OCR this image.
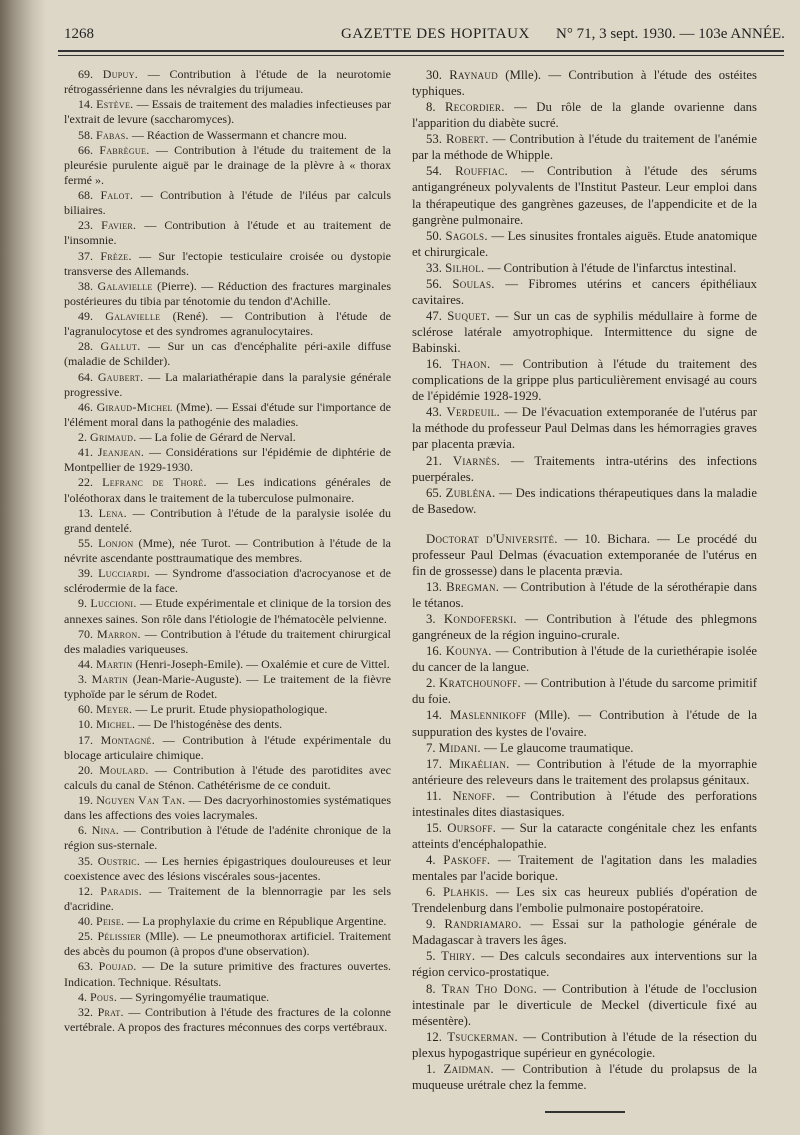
1268	GAZETTE DES HOPITAUX N° 71, 3 sept. 1930. — 103e ANNÉE.

69. Dupuy. — Contribution à l'étude de la neurotomie rétrogassérienne dans les névralgies du trijumeau.

14. Estève. — Essais de traitement des maladies infectieuses par l'extrait de levure (saccharomyces).

58. Fabas. — Réaction de Wassermann et chancre mou.

66. Fabrègue. — Contribution à l'étude du traitement de la pleurésie purulente aiguë par le drainage de la plèvre à « thorax fermé ».

68. Falot. — Contribution à l'étude de l'iléus par calculs biliaires.

23. Favier. — Contribution à l'étude et au traitement de l'insomnie.

37. Frèze. — Sur l'ectopie testiculaire croisée ou dystopie transverse des Allemands.

38. Galavielle (Pierre). — Réduction des fractures marginales postérieures du tibia par ténotomie du tendon d'Achille.

49. Galavielle (René). — Contribution à l'étude de l'agranulocytose et des syndromes agranulocytaires.

28. Gallut. — Sur un cas d'encéphalite péri-axile diffuse (maladie de Schilder).

64. Gaubert. — La malariathérapie dans la paralysie générale progressive.

46. Giraud-Michel (Mme). — Essai d'étude sur l'importance de l'élément moral dans la pathogénie des maladies.

2. Grimaud. — La folie de Gérard de Nerval.

41. Jeanjean. — Considérations sur l'épidémie de diphtérie de Montpellier de 1929-1930.

22. Lefranc de Thoré. — Les indications générales de l'oléothorax dans le traitement de la tuberculose pulmonaire.

13. Lena. — Contribution à l'étude de la paralysie isolée du grand dentelé.

55. Lonjon (Mme), née Turot. — Contribution à l'étude de la névrite ascendante posttraumatique des membres.

39. Lucciardi. — Syndrome d'association d'acrocyanose et de sclérodermie de la face.

9. Luccioni. — Etude expérimentale et clinique de la torsion des annexes saines. Son rôle dans l'étiologie de l'hématocèle pelvienne.

70. Marron. — Contribution à l'étude du traitement chirurgical des maladies variqueuses.

44. Martin (Henri-Joseph-Emile). — Oxalémie et cure de Vittel.

3. Martin (Jean-Marie-Auguste). — Le traitement de la fièvre typhoïde par le sérum de Rodet.

60. Meyer. — Le prurit. Etude physiopathologique.

10. Michel. — De l'histogénèse des dents.

17. Montagné. — Contribution à l'étude expérimentale du blocage articulaire chimique.

20. Moulard. — Contribution à l'étude des parotidites avec calculs du canal de Sténon. Cathétérisme de ce conduit.

19. Nguyen Van Tan. — Des dacryorhinostomies systématiques dans les affections des voies lacrymales.

6. Nina. — Contribution à l'étude de l'adénite chronique de la région sus-sternale.

35. Oustric. — Les hernies épigastriques douloureuses et leur coexistence avec des lésions viscérales sous-jacentes.

12. Paradis. — Traitement de la blennorragie par les sels d'acridine.

40. Peise. — La prophylaxie du crime en République Argentine.

25. Pélissier (Mlle). — Le pneumothorax artificiel. Traitement des abcès du poumon (à propos d'une observation).

63. Poujad. — De la suture primitive des fractures ouvertes. Indication. Technique. Résultats.

4. Pous. — Syringomyélie traumatique.

32. Prat. — Contribution à l'étude des fractures de la colonne vertébrale. A propos des fractures méconnues des corps vertébraux.

30. Raynaud (Mlle). — Contribution à l'étude des ostéites typhiques.

8. Recordier. — Du rôle de la glande ovarienne dans l'apparition du diabète sucré.

53. Robert. — Contribution à l'étude du traitement de l'anémie par la méthode de Whipple.

54. Rouffiac. — Contribution à l'étude des sérums antigangréneux polyvalents de l'Institut Pasteur. Leur emploi dans la thérapeutique des gangrènes gazeuses, de l'appendicite et de la gangrène pulmonaire.

50. Sagols. — Les sinusites frontales aiguës. Etude anatomique et chirurgicale.

33. Silhol. — Contribution à l'étude de l'infarctus intestinal.

56. Soulas. — Fibromes utérins et cancers épithéliaux cavitaires.

47. Suquet. — Sur un cas de syphilis médullaire à forme de sclérose latérale amyotrophique. Intermittence du signe de Babinski.

16. Thaon. — Contribution à l'étude du traitement des complications de la grippe plus particulièrement envisagé au cours de l'épidémie 1928-1929.

43. Verdeuil. — De l'évacuation extemporanée de l'utérus par la méthode du professeur Paul Delmas dans les hémorragies graves par placenta prævia.

21. Viarnès. — Traitements intra-utérins des infections puerpérales.

65. Zubléna. — Des indications thérapeutiques dans la maladie de Basedow.

Doctorat d'Université. — 10. Bichara. — Le procédé du professeur Paul Delmas (évacuation extemporanée de l'utérus en fin de grossesse) dans le placenta prævia.

13. Bregman. — Contribution à l'étude de la sérothérapie dans le tétanos.

3. Kondoferski. — Contribution à l'étude des phlegmons gangréneux de la région inguino-crurale.

16. Kounya. — Contribution à l'étude de la curiethérapie isolée du cancer de la langue.

2. Kratchounoff. — Contribution à l'étude du sarcome primitif du foie.

14. Maslennikoff (Mlle). — Contribution à l'étude de la suppuration des kystes de l'ovaire.

7. Midani. — Le glaucome traumatique.

17. Mikaélian. — Contribution à l'étude de la myorraphie antérieure des releveurs dans le traitement des prolapsus génitaux.

11. Nenoff. — Contribution à l'étude des perforations intestinales dites diastasiques.

15. Oursoff. — Sur la cataracte congénitale chez les enfants atteints d'encéphalopathie.

4. Paskoff. — Traitement de l'agitation dans les maladies mentales par l'acide borique.

6. Plahkis. — Les six cas heureux publiés d'opération de Trendelenburg dans l'embolie pulmonaire postopératoire.

9. Randriamaro. — Essai sur la pathologie générale de Madagascar à travers les âges.

5. Thiry. — Des calculs secondaires aux interventions sur la région cervico-prostatique.

8. Tran Tho Dong. — Contribution à l'étude de l'occlusion intestinale par le diverticule de Meckel (diverticule fixé au mésentère).

12. Tsuckerman. — Contribution à l'étude de la résection du plexus hypogastrique supérieur en gynécologie.

1. Zaidman. — Contribution à l'étude du prolapsus de la muqueuse urétrale chez la femme.
